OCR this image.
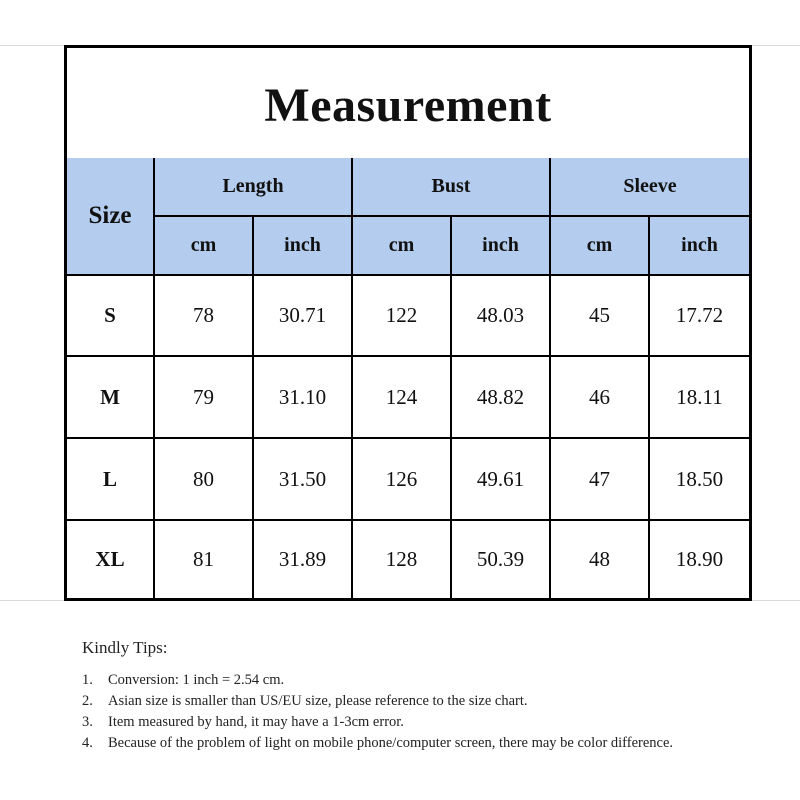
Measurement
Size
Length	Bust	Sleeve
cm	inch	cm	inch	cm	inch
S	78	30.71	122	48.03	45	17.72
M	79	31.10	124	48.82	46	18.11
L	80	31.50	126	49.61	47	18.50
XL	81	31.89	128	50.39	48	18.90
Kindly Tips:
1.	Conversion: 1 inch = 2.54 cm.
2.	Asian size is smaller than US/EU size, please reference to the size chart.
3.	Item measured by hand, it may have a 1-3cm error.
4.	Because of the problem of light on mobile phone/computer screen, there may be color difference.
